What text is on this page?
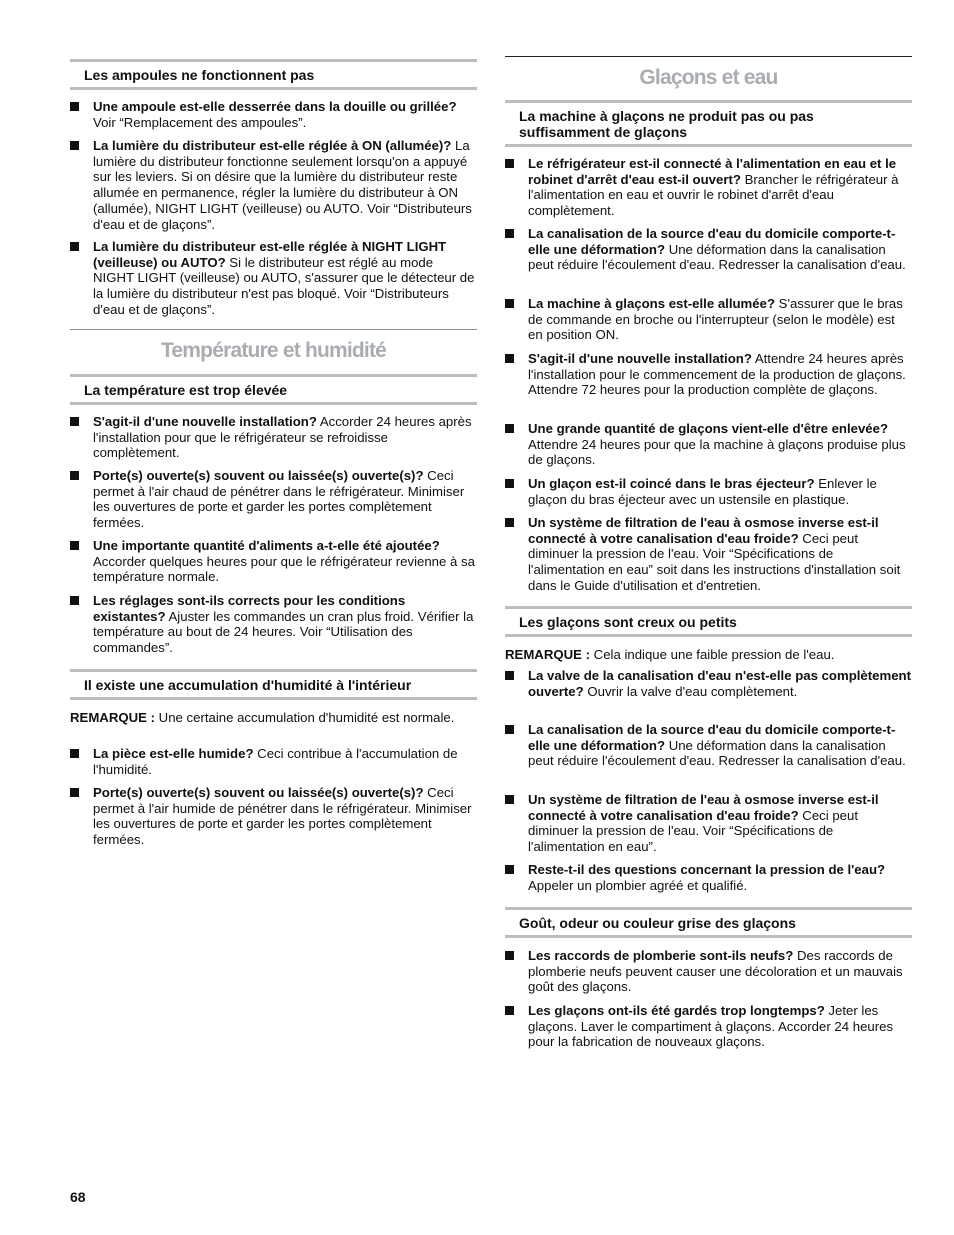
Les ampoules ne fonctionnent pas
Une ampoule est-elle desserrée dans la douille ou grillée? Voir “Remplacement des ampoules”.
La lumière du distributeur est-elle réglée à ON (allumée)? La lumière du distributeur fonctionne seulement lorsqu'on a appuyé sur les leviers. Si on désire que la lumière du distributeur reste allumée en permanence, régler la lumière du distributeur à ON (allumée), NIGHT LIGHT (veilleuse) ou AUTO. Voir “Distributeurs d'eau et de glaçons”.
La lumière du distributeur est-elle réglée à NIGHT LIGHT (veilleuse) ou AUTO? Si le distributeur est réglé au mode NIGHT LIGHT (veilleuse) ou AUTO, s'assurer que le détecteur de la lumière du distributeur n'est pas bloqué. Voir “Distributeurs d'eau et de glaçons”.
Température et humidité
La température est trop élevée
S'agit-il d'une nouvelle installation? Accorder 24 heures après l'installation pour que le réfrigérateur se refroidisse complètement.
Porte(s) ouverte(s) souvent ou laissée(s) ouverte(s)? Ceci permet à l'air chaud de pénétrer dans le réfrigérateur. Minimiser les ouvertures de porte et garder les portes complètement fermées.
Une importante quantité d'aliments a-t-elle été ajoutée? Accorder quelques heures pour que le réfrigérateur revienne à sa température normale.
Les réglages sont-ils corrects pour les conditions existantes? Ajuster les commandes un cran plus froid. Vérifier la température au bout de 24 heures. Voir “Utilisation des commandes”.
Il existe une accumulation d'humidité à l'intérieur
REMARQUE : Une certaine accumulation d'humidité est normale.
La pièce est-elle humide? Ceci contribue à l'accumulation de l'humidité.
Porte(s) ouverte(s) souvent ou laissée(s) ouverte(s)? Ceci permet à l'air humide de pénétrer dans le réfrigérateur. Minimiser les ouvertures de porte et garder les portes complètement fermées.
Glaçons et eau
La machine à glaçons ne produit pas ou pas suffisamment de glaçons
Le réfrigérateur est-il connecté à l'alimentation en eau et le robinet d'arrêt d'eau est-il ouvert? Brancher le réfrigérateur à l'alimentation en eau et ouvrir le robinet d'arrêt d'eau complètement.
La canalisation de la source d'eau du domicile comporte-t-elle une déformation? Une déformation dans la canalisation peut réduire l'écoulement d'eau. Redresser la canalisation d'eau.
La machine à glaçons est-elle allumée? S'assurer que le bras de commande en broche ou l'interrupteur (selon le modèle) est en position ON.
S'agit-il d'une nouvelle installation? Attendre 24 heures après l'installation pour le commencement de la production de glaçons. Attendre 72 heures pour la production complète de glaçons.
Une grande quantité de glaçons vient-elle d'être enlevée? Attendre 24 heures pour que la machine à glaçons produise plus de glaçons.
Un glaçon est-il coincé dans le bras éjecteur? Enlever le glaçon du bras éjecteur avec un ustensile en plastique.
Un système de filtration de l'eau à osmose inverse est-il connecté à votre canalisation d'eau froide? Ceci peut diminuer la pression de l'eau. Voir “Spécifications de l'alimentation en eau” soit dans les instructions d'installation soit dans le Guide d'utilisation et d'entretien.
Les glaçons sont creux ou petits
REMARQUE : Cela indique une faible pression de l'eau.
La valve de la canalisation d'eau n'est-elle pas complètement ouverte? Ouvrir la valve d'eau complètement.
La canalisation de la source d'eau du domicile comporte-t-elle une déformation? Une déformation dans la canalisation peut réduire l'écoulement d'eau. Redresser la canalisation d'eau.
Un système de filtration de l'eau à osmose inverse est-il connecté à votre canalisation d'eau froide? Ceci peut diminuer la pression de l'eau. Voir “Spécifications de l'alimentation en eau”.
Reste-t-il des questions concernant la pression de l'eau? Appeler un plombier agréé et qualifié.
Goût, odeur ou couleur grise des glaçons
Les raccords de plomberie sont-ils neufs? Des raccords de plomberie neufs peuvent causer une décoloration et un mauvais goût des glaçons.
Les glaçons ont-ils été gardés trop longtemps? Jeter les glaçons. Laver le compartiment à glaçons. Accorder 24 heures pour la fabrication de nouveaux glaçons.
68
